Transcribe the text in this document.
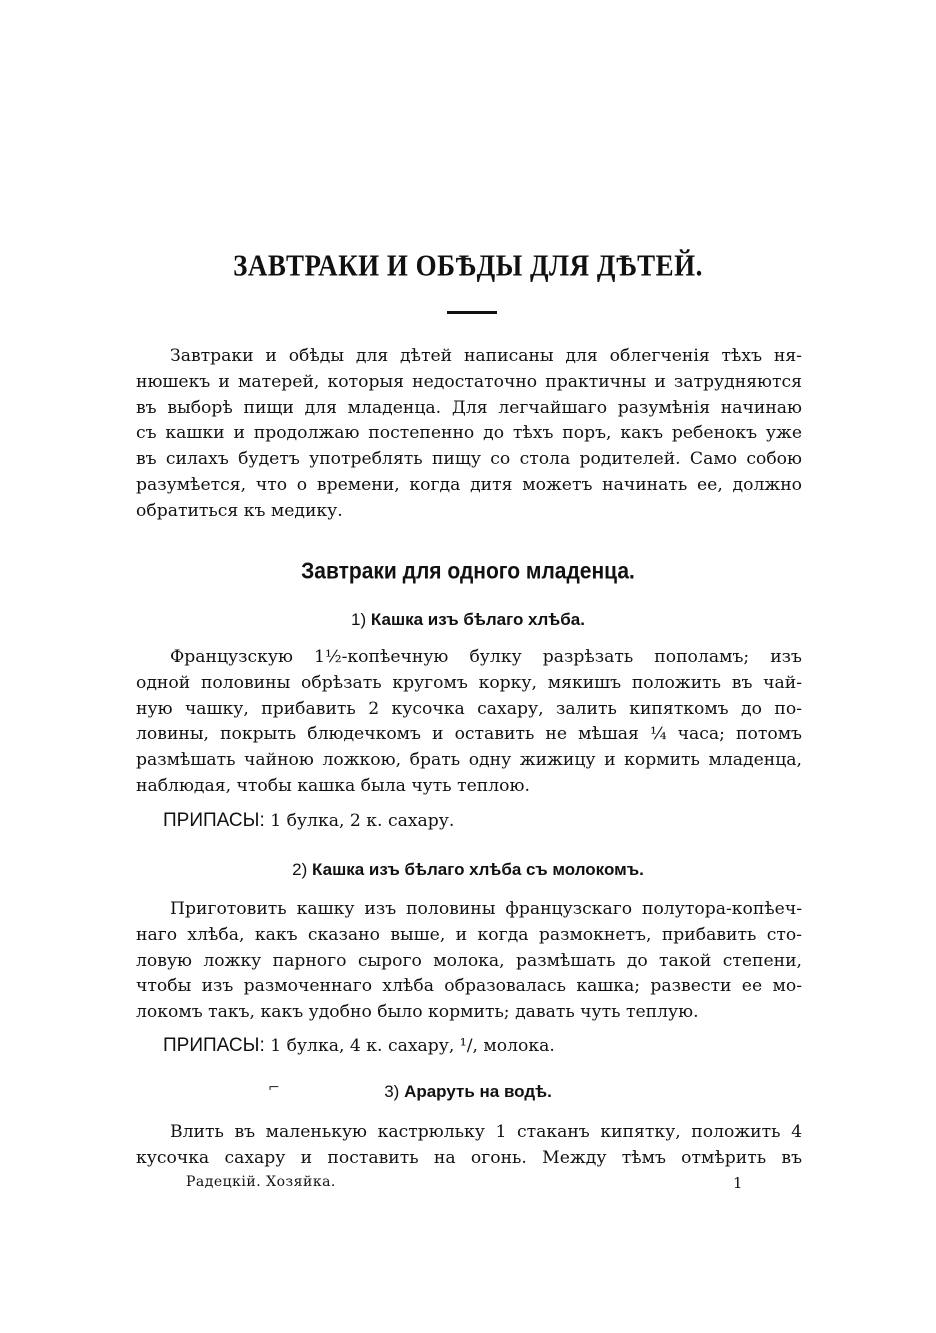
ЗАВТРАКИ И ОБѢДЫ ДЛЯ ДѢТЕЙ.
Завтраки и обѣды для дѣтей написаны для облегченія тѣхъ ня-
нюшекъ и матерей, которыя недостаточно практичны и затрудняются
въ выборѣ пищи для младенца. Для легчайшаго разумѣнія начинаю
съ кашки и продолжаю постепенно до тѣхъ поръ, какъ ребенокъ уже
въ силахъ будетъ употреблять пищу со стола родителей. Само собою
разумѣется, что о времени, когда дитя можетъ начинать ее, должно
обратиться къ медику.
Завтраки для одного младенца.
1) Кашка изъ бѣлаго хлѣба.
Французскую 1½-копѣечную булку разрѣзать пополамъ; изъ
одной половины обрѣзать кругомъ корку, мякишъ положить въ чай-
ную чашку, прибавить 2 кусочка сахару, залить кипяткомъ до по-
ловины, покрыть блюдечкомъ и оставить не мѣшая ¼ часа; потомъ
размѣшать чайною ложкою, брать одну жижицу и кормить младенца,
наблюдая, чтобы кашка была чуть теплою.
ПРИПАСЫ: 1 булка, 2 к. сахару.
2) Кашка изъ бѣлаго хлѣба съ молокомъ.
Приготовить кашку изъ половины французскаго полутора-копѣеч-
наго хлѣба, какъ сказано выше, и когда размокнетъ, прибавить сто-
ловую ложку парного сырого молока, размѣшать до такой степени,
чтобы изъ размоченнаго хлѣба образовалась кашка; развести ее мо-
локомъ такъ, какъ удобно было кормить; давать чуть теплую.
ПРИПАСЫ: 1 булка, 4 к. сахару, ¹/, молока.
⌐	3) Араруть на водѣ.
Влить въ маленькую кастрюльку 1 стаканъ кипятку, положить 4
кусочка сахару и поставить на огонь. Между тѣмъ отмѣрить въ
Радецкій. Хозяйка.	1
